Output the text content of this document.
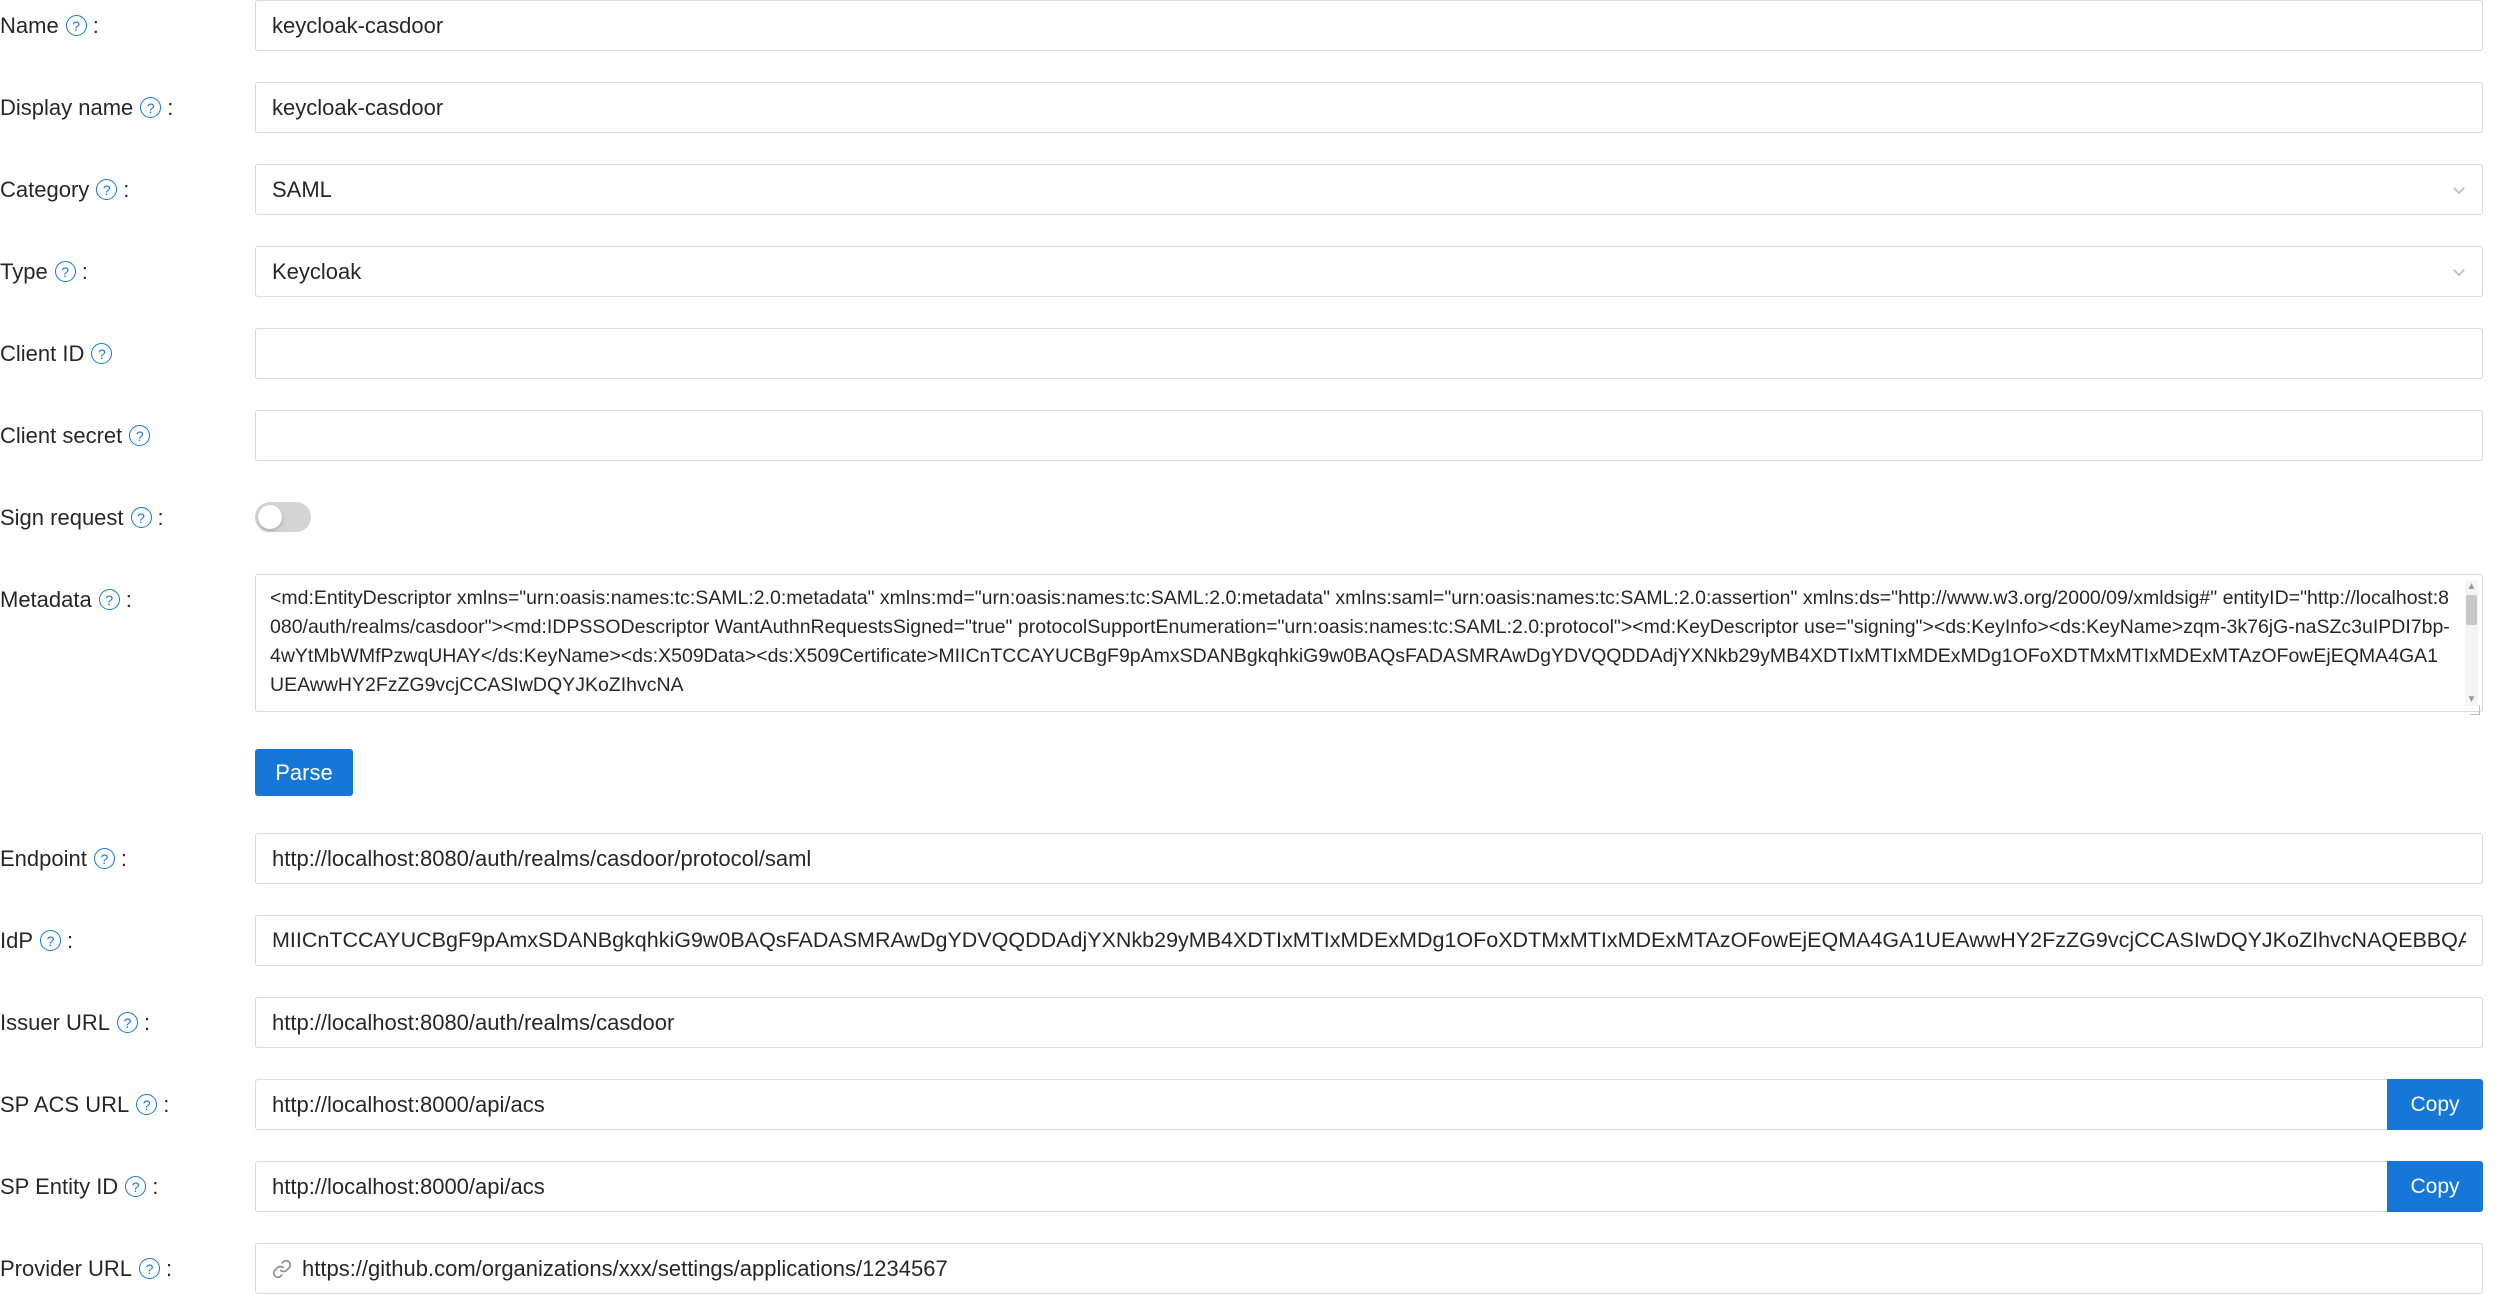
Name ? :
keycloak-casdoor
Display name ? :
keycloak-casdoor
Category ? :	SAML
Type ? :	Keycloak
Client ID ?
Client secret ?
Sign request ? :
Metadata ? :
<md:EntityDescriptor xmlns="urn:oasis:names:tc:SAML:2.0:metadata" xmlns:md="urn:oasis:names:tc:SAML:2.0:metadata" xmlns:saml="urn:oasis:names:tc:SAML:2.0:assertion" xmlns:ds="http://www.w3.org/2000/09/xmldsig#" entityID="http://localhost:8080/auth/realms/casdoor"><md:IDPSSODescriptor WantAuthnRequestsSigned="true" protocolSupportEnumeration="urn:oasis:names:tc:SAML:2.0:protocol"><md:KeyDescriptor use="signing"><ds:KeyInfo><ds:KeyName>zqm-3k76jG-naSZc3uIPDI7bp-4wYtMbWMfPzwqUHAY</ds:KeyName><ds:X509Data><ds:X509Certificate>MIICnTCCAYUCBgF9pAmxSDANBgkqhkiG9w0BAQsFADASMRAwDgYDVQQDDAdjYXNkb29yMB4XDTIxMTIxMDExMDg1OFoXDTMxMTIxMDExMTAzOFowEjEQMA4GA1UEAwwHY2FzZG9vcjCCASIwDQYJKoZIhvcNA	▲
▼
Parse
Endpoint ? :
http://localhost:8080/auth/realms/casdoor/protocol/saml
IdP ? :
MIICnTCCAYUCBgF9pAmxSDANBgkqhkiG9w0BAQsFADASMRAwDgYDVQQDDAdjYXNkb29yMB4XDTIxMTIxMDExMDg1OFoXDTMxMTIxMDExMTAzOFowEjEQMA4GA1UEAwwHY2FzZG9vcjCCASIwDQYJKoZIhvcNAQEBBQADggEPADCCAQ
Issuer URL ? :
http://localhost:8080/auth/realms/casdoor
SP ACS URL ? :
http://localhost:8000/api/acs	Copy
SP Entity ID ? :
http://localhost:8000/api/acs	Copy
Provider URL ? :	https://github.com/organizations/xxx/settings/applications/1234567
